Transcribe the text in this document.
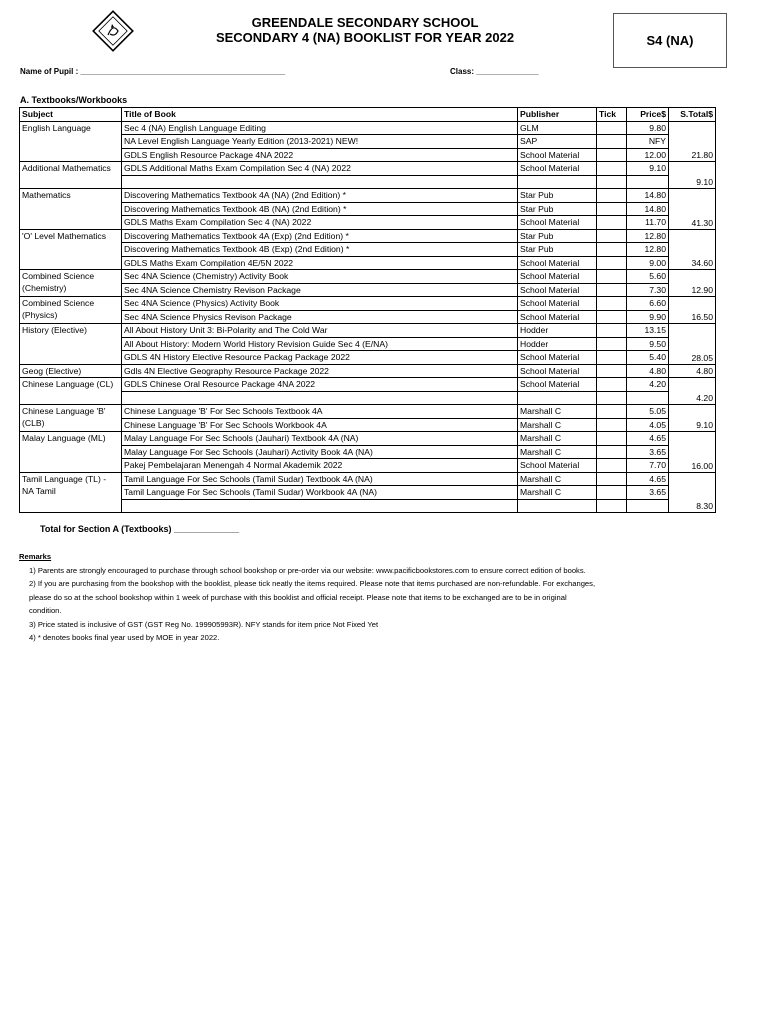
GREENDALE SECONDARY SCHOOL
SECONDARY 4 (NA) BOOKLIST FOR YEAR 2022	S4 (NA)
Name of Pupil : ______________________________________________	Class: ______________
A. Textbooks/Workbooks
Subject	Title of Book	Publisher	Tick	Price$	S.Total$
English Language	Sec 4 (NA) English Language Editing	GLM		9.80	21.80
	NA Level English Language Yearly Edition (2013-2021) NEW!	SAP		NFY	
	GDLS English Resource Package 4NA 2022	School Material		12.00	
Additional Mathematics	GDLS Additional Maths Exam Compilation Sec 4 (NA) 2022	School Material		9.10	9.10

Mathematics	Discovering Mathematics Textbook 4A (NA) (2nd Edition) *	Star Pub		14.80	41.30
	Discovering Mathematics Textbook 4B (NA) (2nd Edition) *	Star Pub		14.80	
	GDLS Maths Exam Compilation Sec 4 (NA) 2022	School Material		11.70	
'O' Level Mathematics	Discovering Mathematics Textbook 4A (Exp) (2nd Edition) *	Star Pub		12.80	34.60
	Discovering Mathematics Textbook 4B (Exp) (2nd Edition) *	Star Pub		12.80	
	GDLS Maths Exam Compilation 4E/5N 2022	School Material		9.00	
Combined Science (Chemistry)	Sec 4NA Science (Chemistry) Activity Book	School Material		5.60	12.90
	Sec 4NA Science Chemistry Revison Package	School Material		7.30	
Combined Science (Physics)	Sec 4NA Science (Physics) Activity Book	School Material		6.60	16.50
	Sec 4NA Science Physics Revison Package	School Material		9.90	
History (Elective)	All About History Unit 3: Bi-Polarity and The Cold War	Hodder		13.15	28.05
	All About History: Modern World History Revision Guide Sec 4 (E/NA)	Hodder		9.50	
	GDLS 4N History Elective Resource Packag Package 2022	School Material		5.40	
Geog (Elective)	Gdls 4N Elective Geography Resource Package 2022	School Material		4.80	4.80
Chinese Language (CL)	GDLS Chinese Oral Resource Package 4NA 2022	School Material		4.20	4.20

Chinese Language 'B' (CLB)	Chinese Language 'B' For Sec Schools Textbook 4A	Marshall C		5.05	9.10
	Chinese Language 'B' For Sec Schools Workbook 4A	Marshall C		4.05	
Malay Language (ML)	Malay Language For Sec Schools (Jauhari) Textbook 4A (NA)	Marshall C		4.65	16.00
	Malay Language For Sec Schools (Jauhari) Activity Book 4A (NA)	Marshall C		3.65	
	Pakej Pembelajaran Menengah 4 Normal Akademik 2022	School Material		7.70	
Tamil Language (TL) - NA Tamil	Tamil Language For Sec Schools (Tamil Sudar) Textbook 4A (NA)	Marshall C		4.65	8.30
	Tamil Language For Sec Schools (Tamil Sudar) Workbook 4A (NA)	Marshall C		3.65	

Total for Section A (Textbooks) _____________
Remarks

1) Parents are strongly encouraged to purchase through school bookshop or pre-order via our website: www.pacificbookstores.com to ensure correct edition of books.

2) If you are purchasing from the bookshop with the booklist, please tick neatly the items required. Please note that items purchased are non-refundable. For exchanges,

please do so at the school bookshop within 1 week of purchase with this booklist and official receipt. Please note that items to be exchanged are to be in original

condition.

3) Price stated is inclusive of GST (GST Reg No. 199905993R). NFY stands for item price Not Fixed Yet

4) * denotes books final year used by MOE in year 2022.
